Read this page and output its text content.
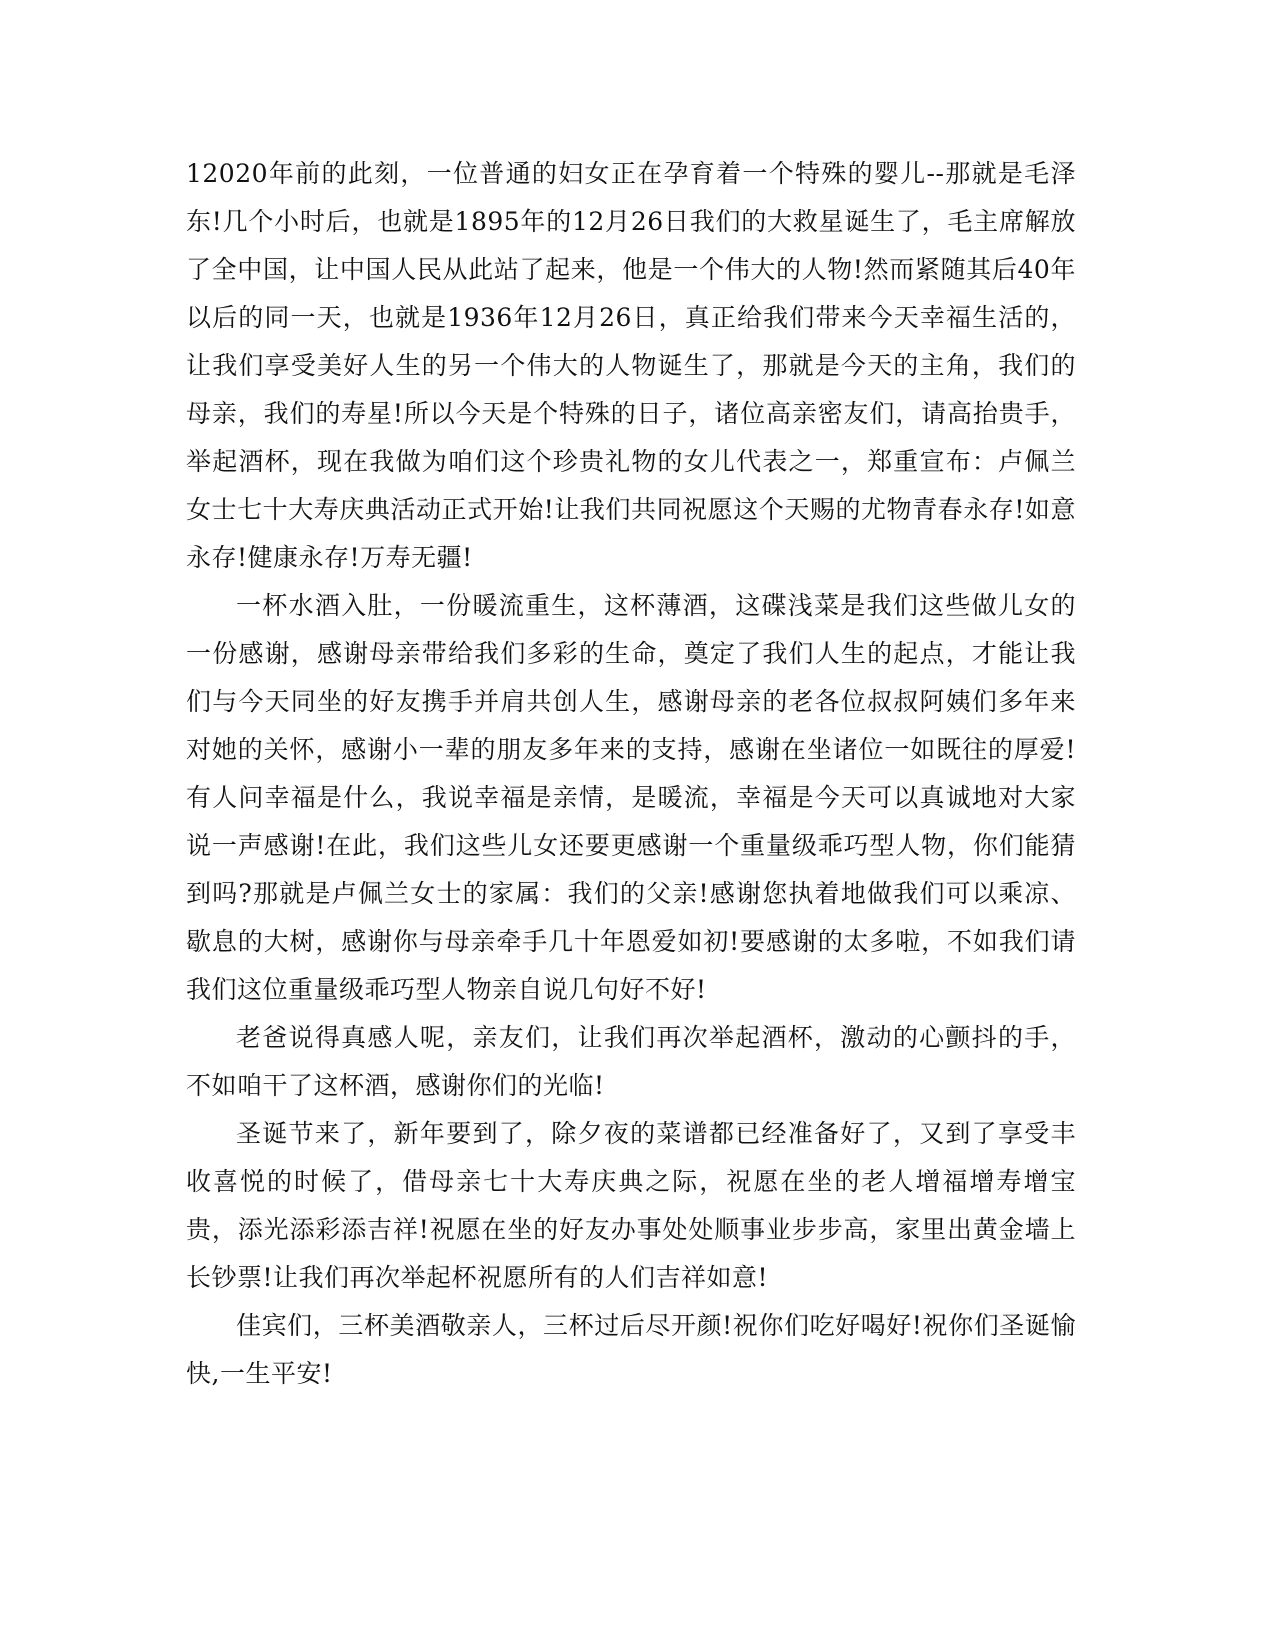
12020年前的此刻，一位普通的妇女正在孕育着一个特殊的婴儿--那就是毛泽东!几个小时后，也就是1895年的12月26日我们的大救星诞生了，毛主席解放了全中国，让中国人民从此站了起来，他是一个伟大的人物!然而紧随其后40年以后的同一天，也就是1936年12月26日，真正给我们带来今天幸福生活的，让我们享受美好人生的另一个伟大的人物诞生了，那就是今天的主角，我们的母亲，我们的寿星!所以今天是个特殊的日子，诸位高亲密友们，请高抬贵手，举起酒杯，现在我做为咱们这个珍贵礼物的女儿代表之一，郑重宣布：卢佩兰女士七十大寿庆典活动正式开始!让我们共同祝愿这个天赐的尤物青春永存!如意永存!健康永存!万寿无疆!

一杯水酒入肚，一份暖流重生，这杯薄酒，这碟浅菜是我们这些做儿女的一份感谢，感谢母亲带给我们多彩的生命，奠定了我们人生的起点，才能让我们与今天同坐的好友携手并肩共创人生，感谢母亲的老各位叔叔阿姨们多年来对她的关怀，感谢小一辈的朋友多年来的支持，感谢在坐诸位一如既往的厚爱!有人问幸福是什么，我说幸福是亲情，是暖流，幸福是今天可以真诚地对大家说一声感谢!在此，我们这些儿女还要更感谢一个重量级乖巧型人物，你们能猜到吗?那就是卢佩兰女士的家属：我们的父亲!感谢您执着地做我们可以乘凉、歇息的大树，感谢你与母亲牵手几十年恩爱如初!要感谢的太多啦，不如我们请我们这位重量级乖巧型人物亲自说几句好不好!

老爸说得真感人呢，亲友们，让我们再次举起酒杯，激动的心颤抖的手，不如咱干了这杯酒，感谢你们的光临!

圣诞节来了，新年要到了，除夕夜的菜谱都已经准备好了，又到了享受丰收喜悦的时候了，借母亲七十大寿庆典之际，祝愿在坐的老人增福增寿增宝贵，添光添彩添吉祥!祝愿在坐的好友办事处处顺事业步步高，家里出黄金墙上长钞票!让我们再次举起杯祝愿所有的人们吉祥如意!

佳宾们，三杯美酒敬亲人，三杯过后尽开颜!祝你们吃好喝好!祝你们圣诞愉快,一生平安!
